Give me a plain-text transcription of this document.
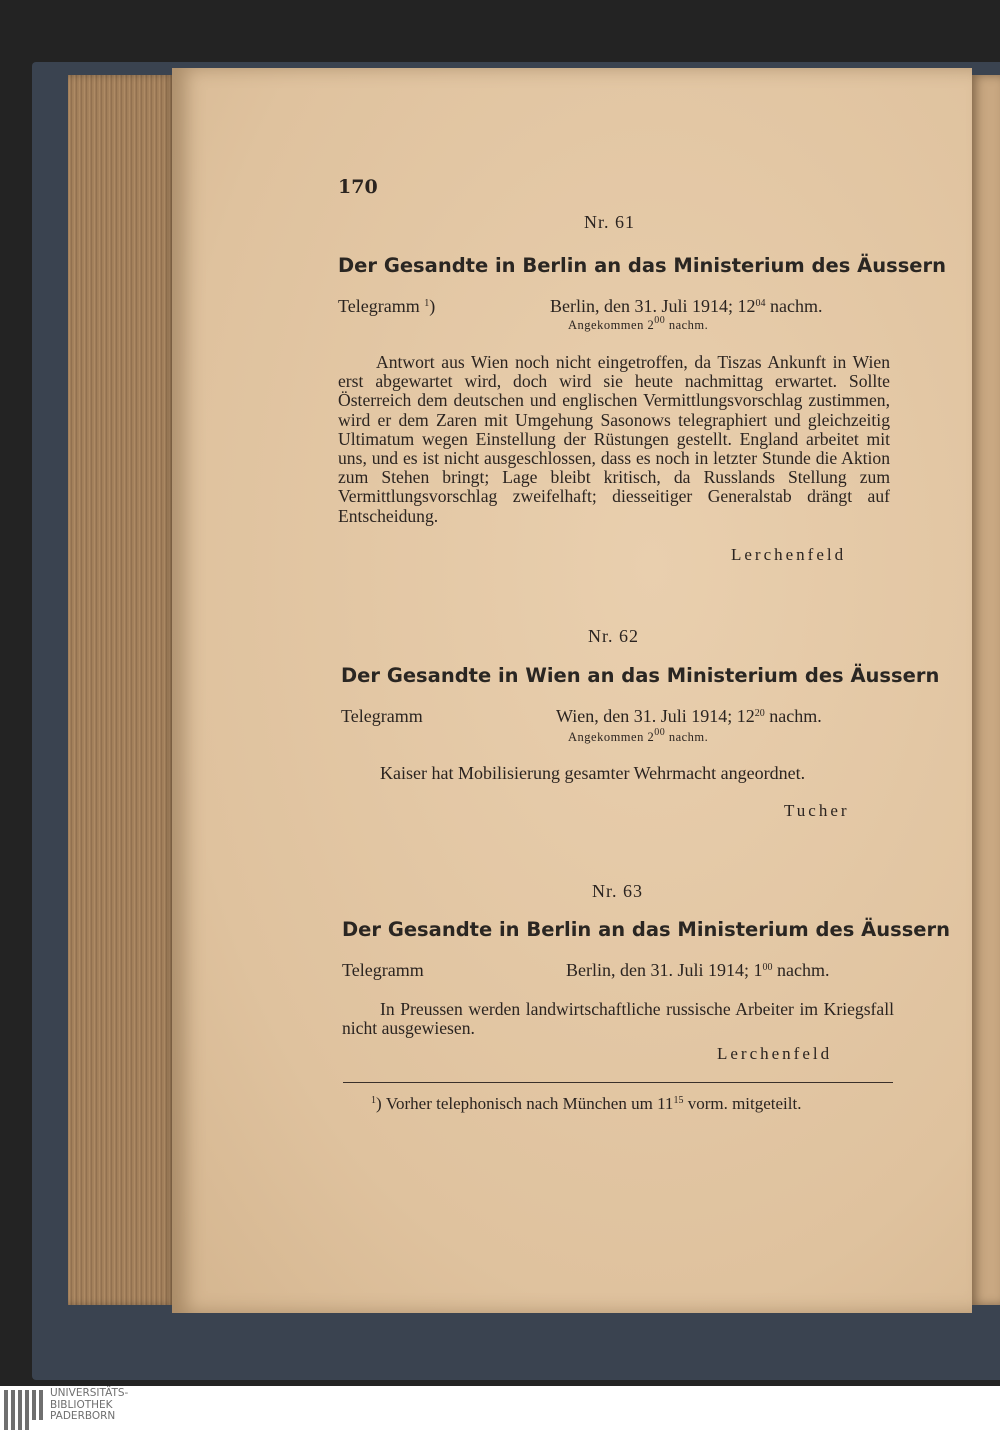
170
Nr. 61
Der Gesandte in Berlin an das Ministerium des Äussern
Telegramm $^1$)	Berlin, den 31. Juli 1914; $12^{04}$ nachm.
Angekommen $2^{00}$ nachm.
Antwort aus Wien noch nicht eingetroffen, da Tiszas Ankunft in Wien erst abgewartet wird, doch wird sie heute nachmittag erwartet. Sollte Österreich dem deutschen und englischen Vermittlungsvorschlag zustimmen, wird er dem Zaren mit Umgehung Sasonows telegraphiert und gleichzeitig Ultimatum wegen Einstellung der Rüstungen gestellt. England arbeitet mit uns, und es ist nicht ausgeschlossen, dass es noch in letzter Stunde die Aktion zum Stehen bringt; Lage bleibt kritisch, da Russlands Stellung zum Vermittlungsvorschlag zweifelhaft; diesseitiger Generalstab drängt auf Entscheidung.
Lerchenfeld
Nr. 62
Der Gesandte in Wien an das Ministerium des Äussern
Telegramm	Wien, den 31. Juli 1914; $12^{20}$ nachm.
Angekommen $2^{00}$ nachm.
Kaiser hat Mobilisierung gesamter Wehrmacht angeordnet.
Tucher
Nr. 63
Der Gesandte in Berlin an das Ministerium des Äussern
Telegramm	Berlin, den 31. Juli 1914; $1^{00}$ nachm.
In Preussen werden landwirtschaftliche russische Arbeiter im Kriegsfall nicht ausgewiesen.
Lerchenfeld
$^1$) Vorher telephonisch nach München um $11^{15}$ vorm. mitgeteilt.
UNIVERSITÄTS-
BIBLIOTHEK
PADERBORN
